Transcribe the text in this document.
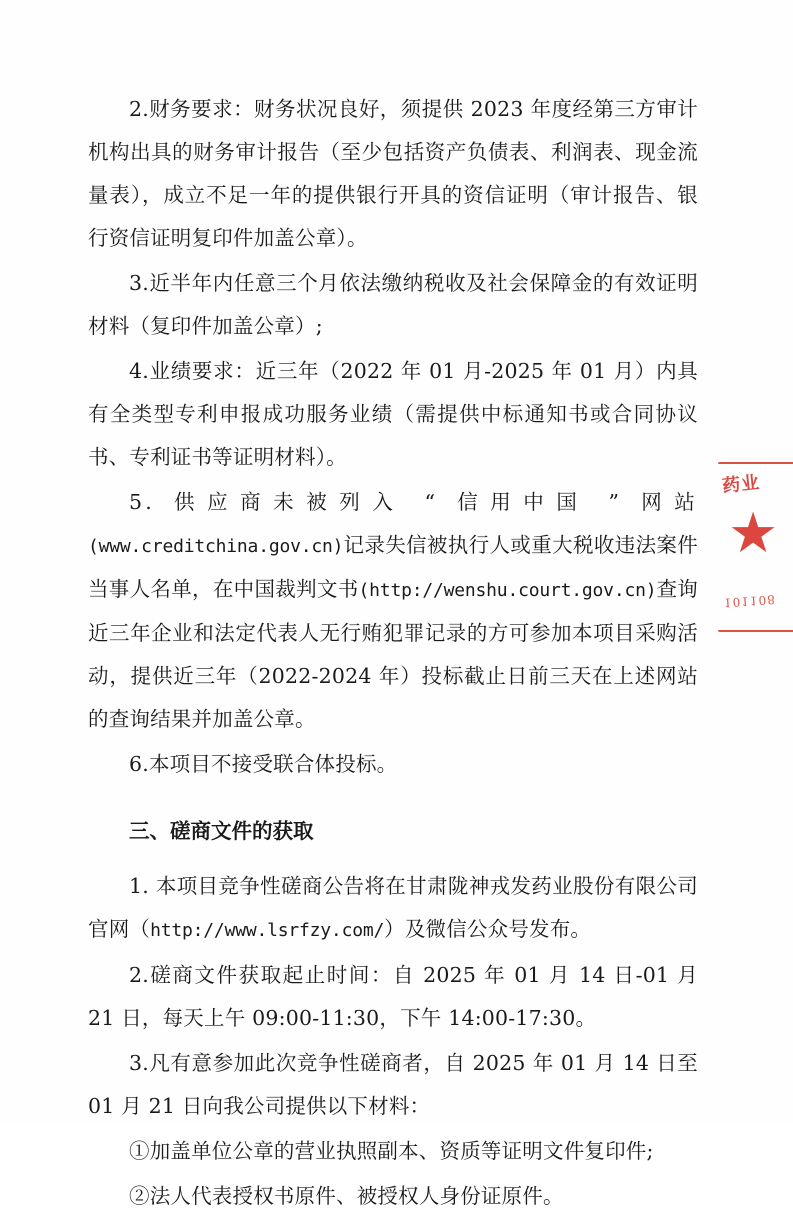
2.财务要求：财务状况良好，须提供 2023 年度经第三方审计机构出具的财务审计报告（至少包括资产负债表、利润表、现金流量表），成立不足一年的提供银行开具的资信证明（审计报告、银行资信证明复印件加盖公章）。

3.近半年内任意三个月依法缴纳税收及社会保障金的有效证明材料（复印件加盖公章）;

4.业绩要求：近三年（2022 年 01 月-2025 年 01 月）内具有全类型专利申报成功服务业绩（需提供中标通知书或合同协议书、专利证书等证明材料）。

5. 供应商未被列入 “ 信用中国 ” 网站(www.creditchina.gov.cn)记录失信被执行人或重大税收违法案件当事人名单，在中国裁判文书(http://wenshu.court.gov.cn)查询近三年企业和法定代表人无行贿犯罪记录的方可参加本项目采购活动，提供近三年（2022-2024 年）投标截止日前三天在上述网站的查询结果并加盖公章。

6.本项目不接受联合体投标。

三、磋商文件的获取

1. 本项目竞争性磋商公告将在甘肃陇神戎发药业股份有限公司官网（http://www.lsrfzy.com/）及微信公众号发布。

2.磋商文件获取起止时间：自 2025 年 01 月 14 日-01 月 21 日，每天上午 09:00-11:30，下午 14:00-17:30。

3.凡有意参加此次竞争性磋商者，自 2025 年 01 月 14 日至 01 月 21 日向我公司提供以下材料：

①加盖单位公章的营业执照副本、资质等证明文件复印件;

②法人代表授权书原件、被授权人身份证原件。

药业
★
101108
